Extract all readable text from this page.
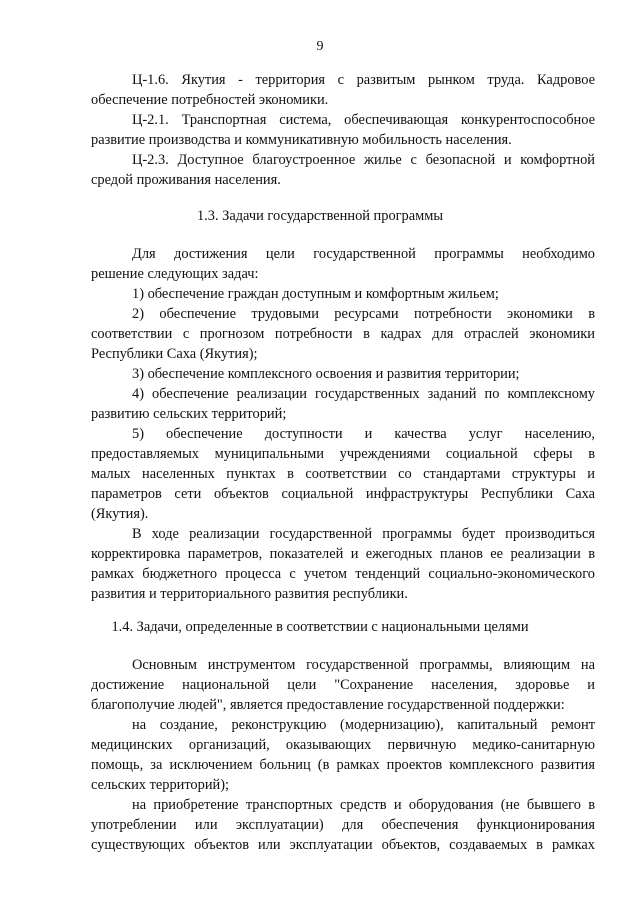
9
Ц-1.6. Якутия - территория с развитым рынком труда. Кадровое
обеспечение потребностей экономики.
Ц-2.1. Транспортная система, обеспечивающая конкурентоспособное
развитие производства и коммуникативную мобильность населения.
Ц-2.3. Доступное благоустроенное жилье с безопасной и комфортной
средой проживания населения.
1.3. Задачи государственной программы
Для достижения цели государственной программы необходимо
решение следующих задач:
1) обеспечение граждан доступным и комфортным жильем;
2) обеспечение трудовыми ресурсами потребности экономики в
соответствии с прогнозом потребности в кадрах для отраслей экономики
Республики Саха (Якутия);
3) обеспечение комплексного освоения и развития территории;
4) обеспечение реализации государственных заданий по комплексному
развитию сельских территорий;
5) обеспечение доступности и качества услуг населению,
предоставляемых муниципальными учреждениями социальной сферы в
малых населенных пунктах в соответствии со стандартами структуры и
параметров сети объектов социальной инфраструктуры Республики Саха
(Якутия).
В ходе реализации государственной программы будет производиться
корректировка параметров, показателей и ежегодных планов ее реализации в
рамках бюджетного процесса с учетом тенденций социально-экономического
развития и территориального развития республики.
1.4. Задачи, определенные в соответствии с национальными целями
Основным инструментом государственной программы, влияющим на
достижение национальной цели "Сохранение населения, здоровье и
благополучие людей", является предоставление государственной поддержки:
на создание, реконструкцию (модернизацию), капитальный ремонт
медицинских организаций, оказывающих первичную медико-санитарную
помощь, за исключением больниц (в рамках проектов комплексного развития
сельских территорий);
на приобретение транспортных средств и оборудования (не бывшего в
употреблении или эксплуатации) для обеспечения функционирования
существующих объектов или эксплуатации объектов, создаваемых в рамках
